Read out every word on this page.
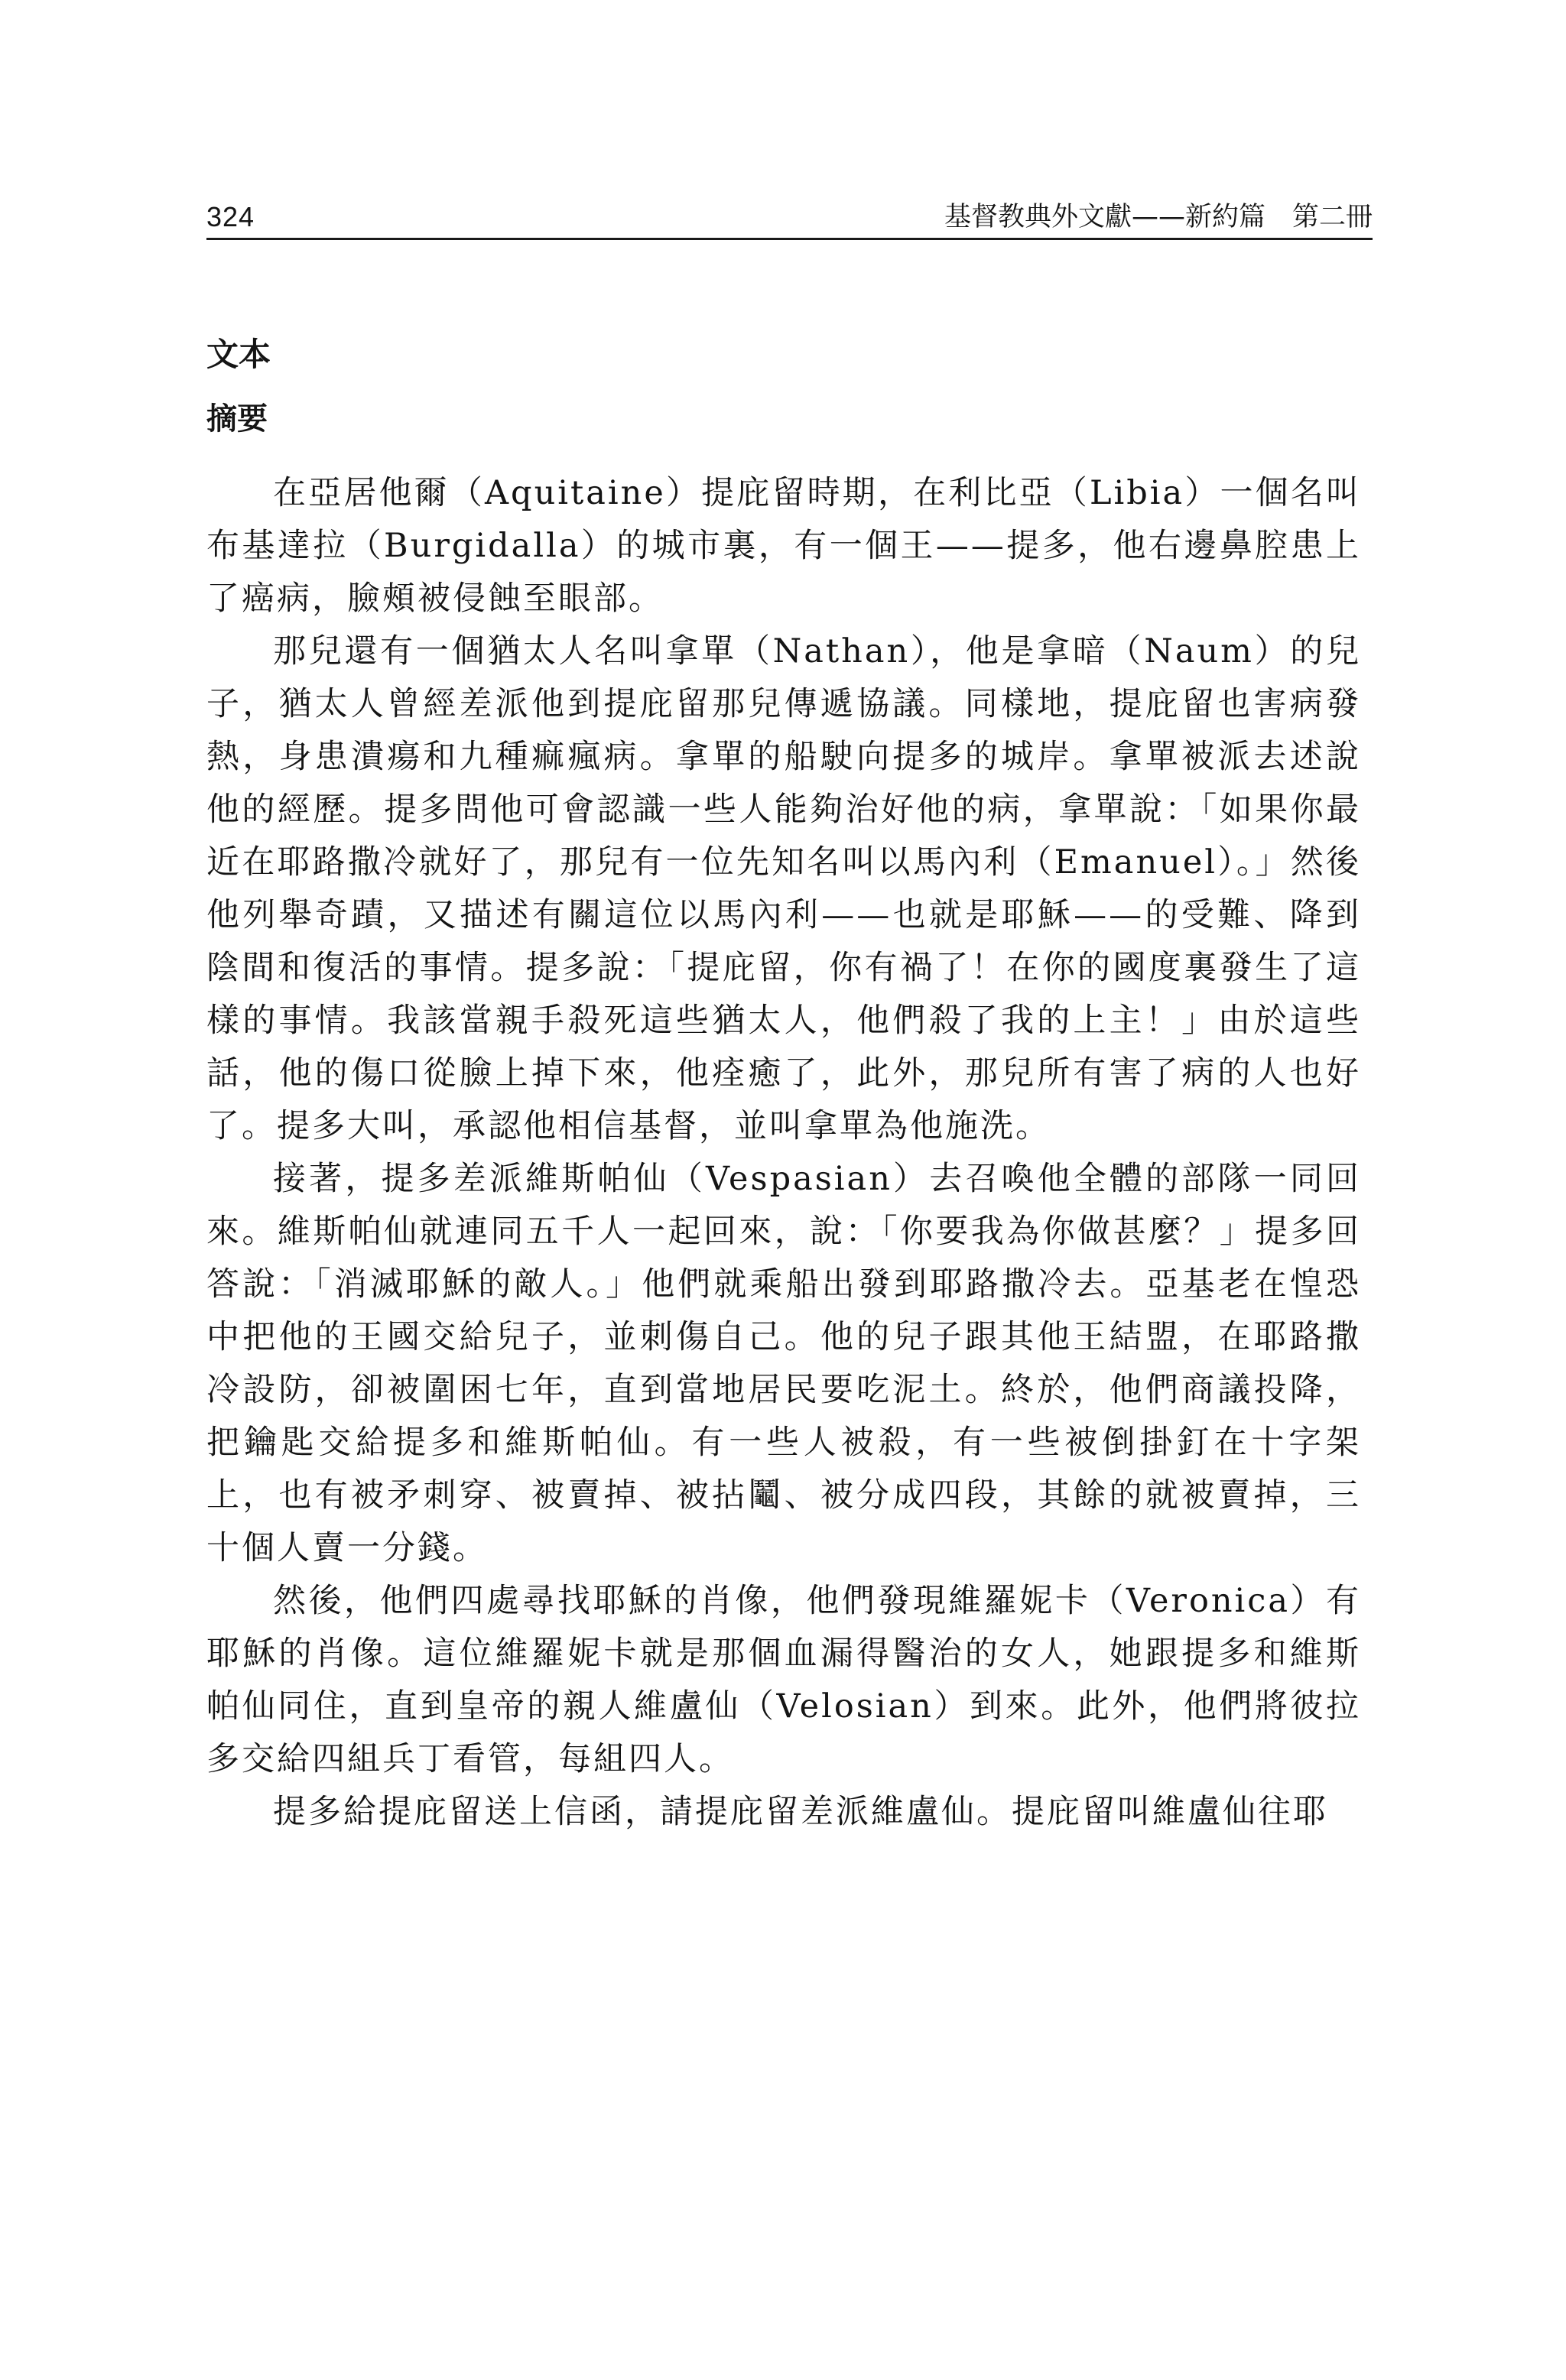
324	基督教典外文獻——新約篇　第二冊
文本
摘要

在亞居他爾（Aquitaine）提庇留時期，在利比亞（Libia）一個名叫布基達拉（Burgidalla）的城市裏，有一個王——提多，他右邊鼻腔患上了癌病，臉頰被侵蝕至眼部。

那兒還有一個猶太人名叫拿單（Nathan），他是拿暗（Naum）的兒子，猶太人曾經差派他到提庇留那兒傳遞協議。同樣地，提庇留也害病發熱，身患潰瘍和九種痲瘋病。拿單的船駛向提多的城岸。拿單被派去述說他的經歷。提多問他可會認識一些人能夠治好他的病，拿單說：「如果你最近在耶路撒冷就好了，那兒有一位先知名叫以馬內利（Emanuel）。」然後他列舉奇蹟，又描述有關這位以馬內利——也就是耶穌——的受難、降到陰間和復活的事情。提多說：「提庇留，你有禍了！在你的國度裏發生了這樣的事情。我該當親手殺死這些猶太人，他們殺了我的上主！」由於這些話，他的傷口從臉上掉下來，他痊癒了，此外，那兒所有害了病的人也好了。提多大叫，承認他相信基督，並叫拿單為他施洗。

接著，提多差派維斯帕仙（Vespasian）去召喚他全體的部隊一同回來。維斯帕仙就連同五千人一起回來，說：「你要我為你做甚麼？」提多回答說：「消滅耶穌的敵人。」他們就乘船出發到耶路撒冷去。亞基老在惶恐中把他的王國交給兒子，並刺傷自己。他的兒子跟其他王結盟，在耶路撒冷設防，卻被圍困七年，直到當地居民要吃泥土。終於，他們商議投降，把鑰匙交給提多和維斯帕仙。有一些人被殺，有一些被倒掛釘在十字架上，也有被矛刺穿、被賣掉、被拈鬮、被分成四段，其餘的就被賣掉，三十個人賣一分錢。

然後，他們四處尋找耶穌的肖像，他們發現維羅妮卡（Veronica）有耶穌的肖像。這位維羅妮卡就是那個血漏得醫治的女人，她跟提多和維斯帕仙同住，直到皇帝的親人維盧仙（Velosian）到來。此外，他們將彼拉多交給四組兵丁看管，每組四人。

提多給提庇留送上信函，請提庇留差派維盧仙。提庇留叫維盧仙往耶
